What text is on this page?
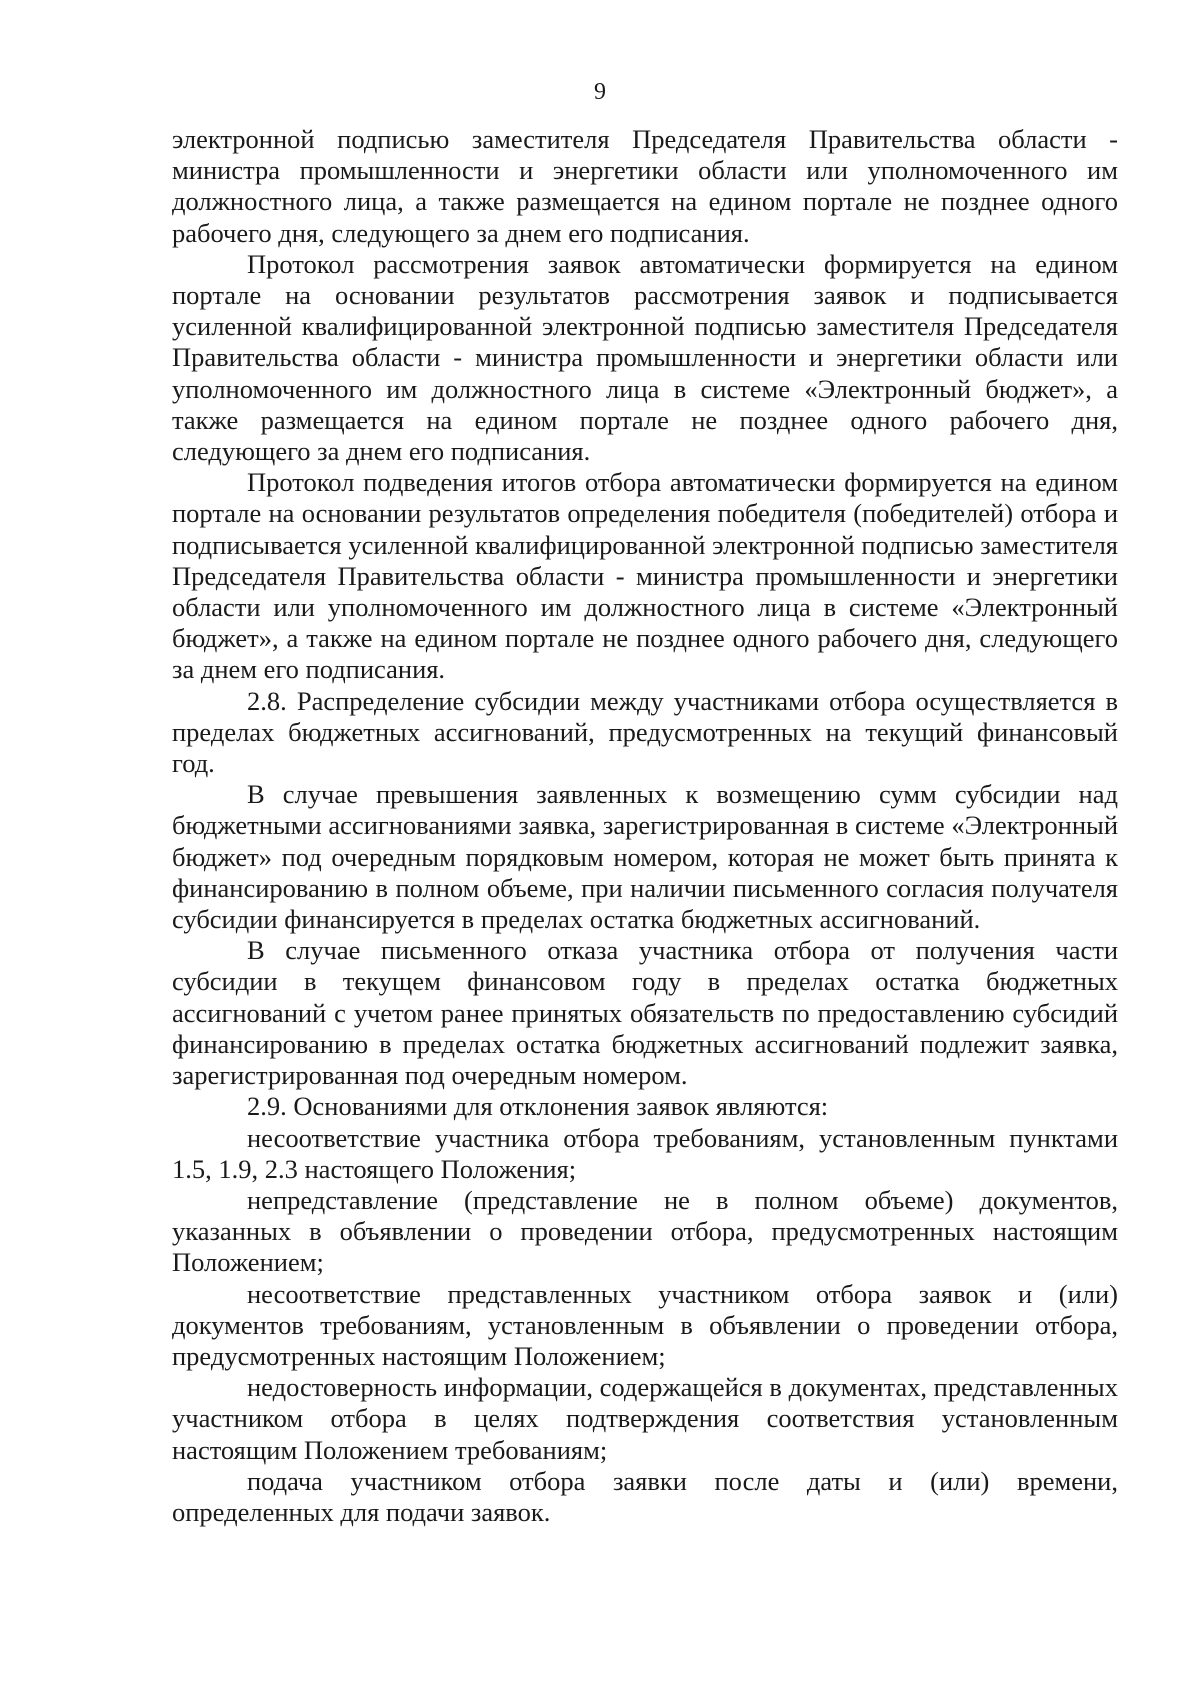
9

электронной подписью заместителя Председателя Правительства области - министра промышленности и энергетики области или уполномоченного им должностного лица, а также размещается на едином портале не позднее одного рабочего дня, следующего за днем его подписания.

Протокол рассмотрения заявок автоматически формируется на едином портале на основании результатов рассмотрения заявок и подписывается усиленной квалифицированной электронной подписью заместителя Председателя Правительства области - министра промышленности и энергетики области или уполномоченного им должностного лица в системе «Электронный бюджет», а также размещается на едином портале не позднее одного рабочего дня, следующего за днем его подписания.

Протокол подведения итогов отбора автоматически формируется на едином портале на основании результатов определения победителя (победителей) отбора и подписывается усиленной квалифицированной электронной подписью заместителя Председателя Правительства области - министра промышленности и энергетики области или уполномоченного им должностного лица в системе «Электронный бюджет», а также на едином портале не позднее одного рабочего дня, следующего за днем его подписания.

2.8. Распределение субсидии между участниками отбора осуществляется в пределах бюджетных ассигнований, предусмотренных на текущий финансовый год.

В случае превышения заявленных к возмещению сумм субсидии над бюджетными ассигнованиями заявка, зарегистрированная в системе «Электронный бюджет» под очередным порядковым номером, которая не может быть принята к финансированию в полном объеме, при наличии письменного согласия получателя субсидии финансируется в пределах остатка бюджетных ассигнований.

В случае письменного отказа участника отбора от получения части субсидии в текущем финансовом году в пределах остатка бюджетных ассигнований с учетом ранее принятых обязательств по предоставлению субсидий финансированию в пределах остатка бюджетных ассигнований подлежит заявка, зарегистрированная под очередным номером.

2.9. Основаниями для отклонения заявок являются:

несоответствие участника отбора требованиям, установленным пунктами 1.5, 1.9, 2.3 настоящего Положения;

непредставление (представление не в полном объеме) документов, указанных в объявлении о проведении отбора, предусмотренных настоящим Положением;

несоответствие представленных участником отбора заявок и (или) документов требованиям, установленным в объявлении о проведении отбора, предусмотренных настоящим Положением;

недостоверность информации, содержащейся в документах, представленных участником отбора в целях подтверждения соответствия установленным настоящим Положением требованиям;

подача участником отбора заявки после даты и (или) времени, определенных для подачи заявок.
